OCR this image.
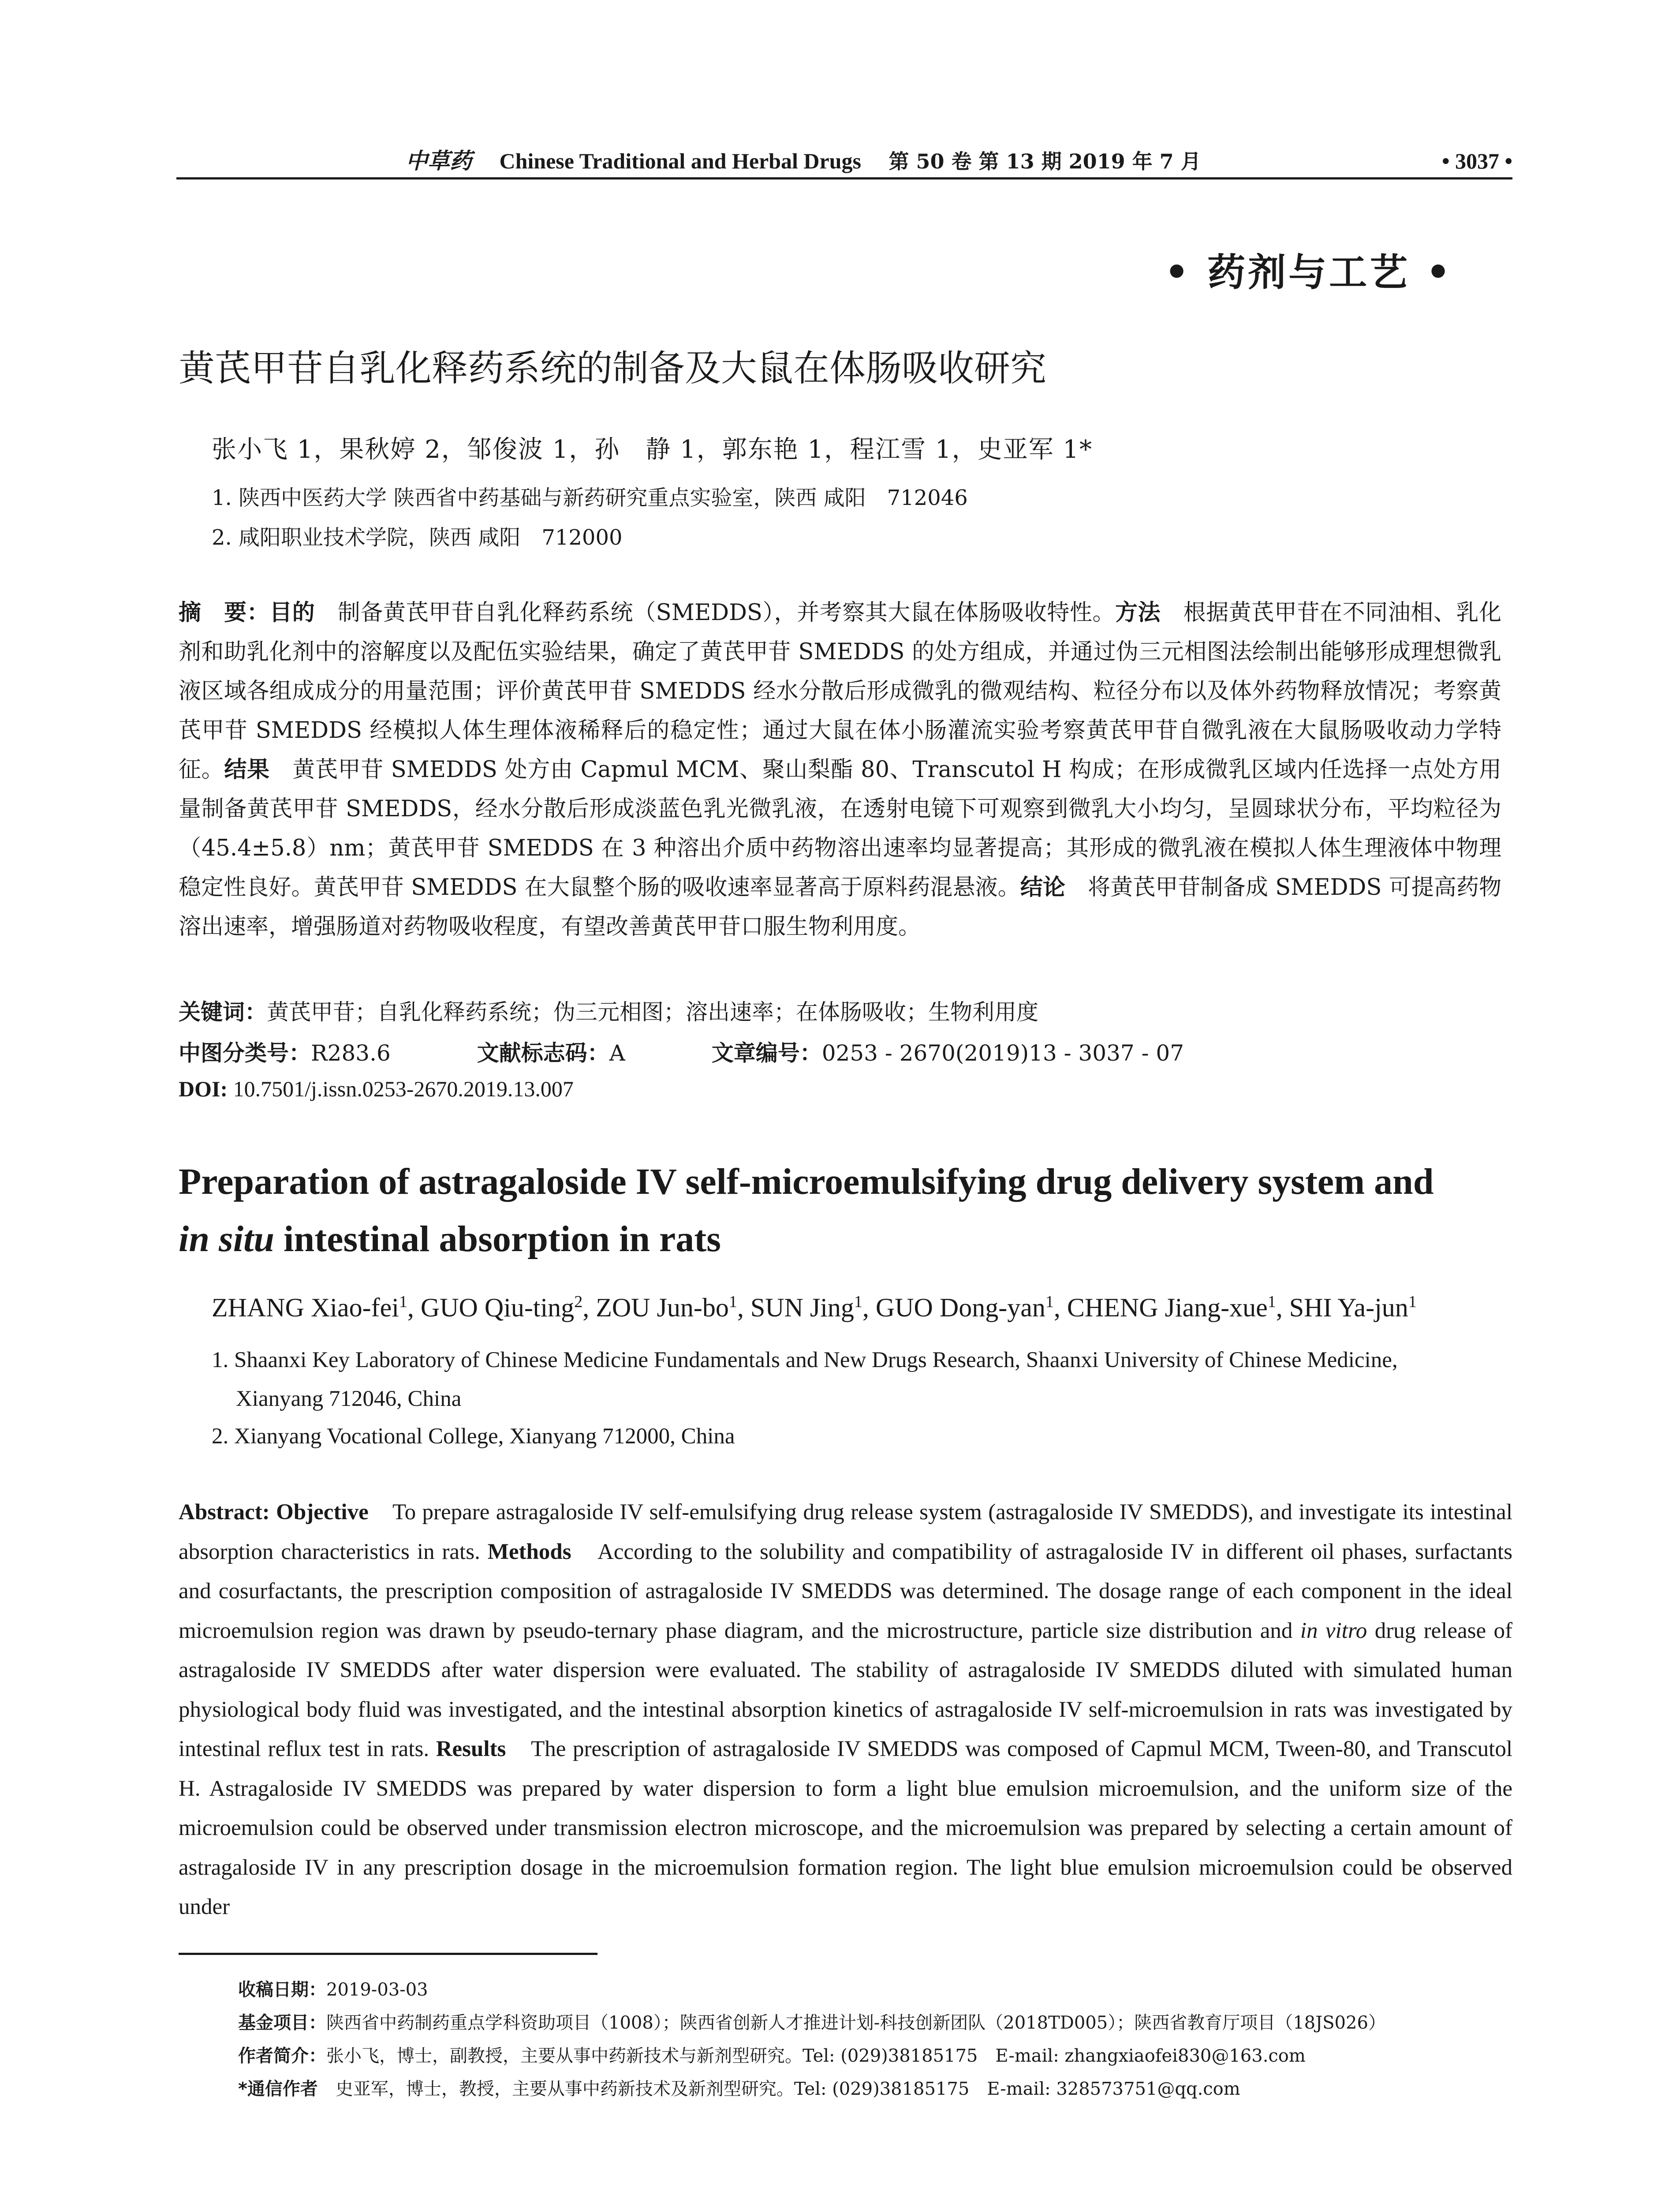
中草药 Chinese Traditional and Herbal Drugs 第 50 卷 第 13 期 2019 年 7 月	• 3037 •
• 药剂与工艺 •
黄芪甲苷自乳化释药系统的制备及大鼠在体肠吸收研究
张小飞 1，果秋婷 2，邹俊波 1，孙　静 1，郭东艳 1，程江雪 1，史亚军 1*
1. 陕西中医药大学 陕西省中药基础与新药研究重点实验室，陕西 咸阳　712046
2. 咸阳职业技术学院，陕西 咸阳　712000
摘　要：目的　制备黄芪甲苷自乳化释药系统（SMEDDS），并考察其大鼠在体肠吸收特性。方法　根据黄芪甲苷在不同油相、乳化剂和助乳化剂中的溶解度以及配伍实验结果，确定了黄芪甲苷 SMEDDS 的处方组成，并通过伪三元相图法绘制出能够形成理想微乳液区域各组成成分的用量范围；评价黄芪甲苷 SMEDDS 经水分散后形成微乳的微观结构、粒径分布以及体外药物释放情况；考察黄芪甲苷 SMEDDS 经模拟人体生理体液稀释后的稳定性；通过大鼠在体小肠灌流实验考察黄芪甲苷自微乳液在大鼠肠吸收动力学特征。结果　黄芪甲苷 SMEDDS 处方由 Capmul MCM、聚山梨酯 80、Transcutol H 构成；在形成微乳区域内任选择一点处方用量制备黄芪甲苷 SMEDDS，经水分散后形成淡蓝色乳光微乳液，在透射电镜下可观察到微乳大小均匀，呈圆球状分布，平均粒径为（45.4±5.8）nm；黄芪甲苷 SMEDDS 在 3 种溶出介质中药物溶出速率均显著提高；其形成的微乳液在模拟人体生理液体中物理稳定性良好。黄芪甲苷 SMEDDS 在大鼠整个肠的吸收速率显著高于原料药混悬液。结论　将黄芪甲苷制备成 SMEDDS 可提高药物溶出速率，增强肠道对药物吸收程度，有望改善黄芪甲苷口服生物利用度。
关键词：黄芪甲苷；自乳化释药系统；伪三元相图；溶出速率；在体肠吸收；生物利用度
中图分类号：R283.6	文献标志码：A	文章编号：0253 - 2670(2019)13 - 3037 - 07
DOI: 10.7501/j.issn.0253-2670.2019.13.007
Preparation of astragaloside IV self-microemulsifying drug delivery system and
in situ intestinal absorption in rats
ZHANG Xiao-fei$^1$, GUO Qiu-ting$^2$, ZOU Jun-$bo^1$, SUN Jing$^1$, GUO Dong-yan$^1$, CHENG Jiang-xue$^1$, SHI Ya-jun$^1$
1. Shaanxi Key Laboratory of Chinese Medicine Fundamentals and New Drugs Research, Shaanxi University of Chinese Medicine,
Xianyang 712046, China
2. Xianyang Vocational College, Xianyang 712000, China
Abstract: Objective　To prepare astragaloside IV self-emulsifying drug release system (astragaloside IV SMEDDS), and investigate its intestinal absorption characteristics in rats. Methods　According to the solubility and compatibility of astragaloside IV in different oil phases, surfactants and cosurfactants, the prescription composition of astragaloside IV SMEDDS was determined. The dosage range of each component in the ideal microemulsion region was drawn by pseudo-ternary phase diagram, and the microstructure, particle size distribution and in vitro drug release of astragaloside IV SMEDDS after water dispersion were evaluated. The stability of astragaloside IV SMEDDS diluted with simulated human physiological body fluid was investigated, and the intestinal absorption kinetics of astragaloside IV self-microemulsion in rats was investigated by intestinal reflux test in rats. Results　The prescription of astragaloside IV SMEDDS was composed of Capmul MCM, Tween-80, and Transcutol H. Astragaloside IV SMEDDS was prepared by water dispersion to form a light blue emulsion microemulsion, and the uniform size of the microemulsion could be observed under transmission electron microscope, and the microemulsion was prepared by selecting a certain amount of astragaloside IV in any prescription dosage in the microemulsion formation region. The light blue emulsion microemulsion could be observed under
收稿日期：2019-03-03
基金项目：陕西省中药制药重点学科资助项目（1008）；陕西省创新人才推进计划-科技创新团队（2018TD005）；陕西省教育厅项目（18JS026）
作者简介：张小飞，博士，副教授，主要从事中药新技术与新剂型研究。Tel: (029)38185175　E-mail: zhangxiaofei830@163.com
*通信作者　史亚军，博士，教授，主要从事中药新技术及新剂型研究。Tel: (029)38185175　E-mail: 328573751@qq.com
